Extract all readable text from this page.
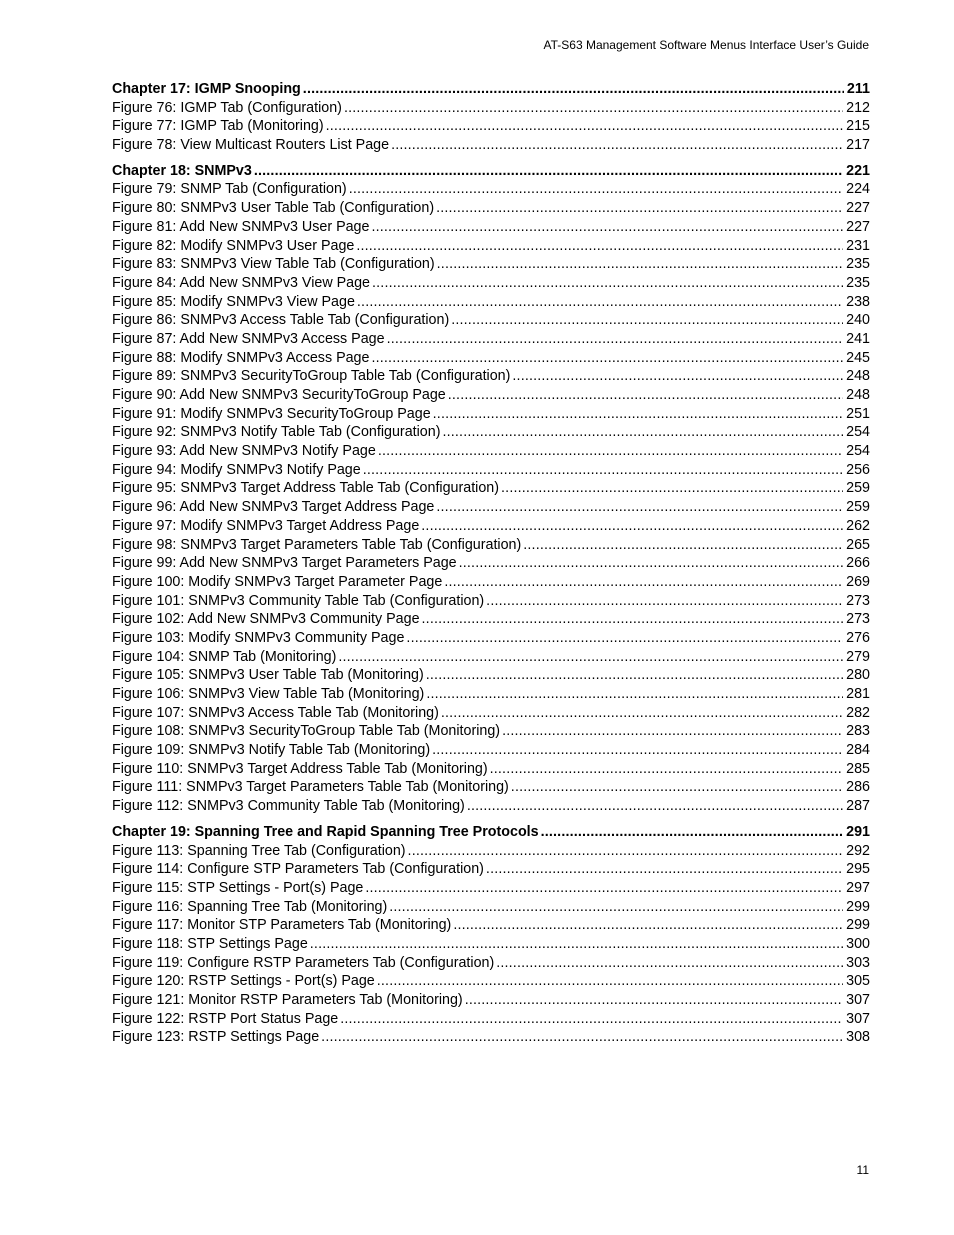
AT-S63 Management Software Menus Interface User’s Guide
Chapter 17: IGMP Snooping . . .	211
Figure 76: IGMP Tab (Configuration) . . .	212
Figure 77: IGMP Tab (Monitoring) . . .	215
Figure 78: View Multicast Routers List Page . . .	217
Chapter 18: SNMPv3 . . .	221
Figure 79: SNMP Tab (Configuration) . . .	224
Figure 80: SNMPv3 User Table Tab (Configuration) . . .	227
Figure 81: Add New SNMPv3 User Page . . .	227
Figure 82: Modify SNMPv3 User Page . . .	231
Figure 83: SNMPv3 View Table Tab (Configuration) . . .	235
Figure 84: Add New SNMPv3 View Page . . .	235
Figure 85: Modify SNMPv3 View Page . . .	238
Figure 86: SNMPv3 Access Table Tab (Configuration) . . .	240
Figure 87: Add New SNMPv3 Access Page . . .	241
Figure 88: Modify SNMPv3 Access Page . . .	245
Figure 89: SNMPv3 SecurityToGroup Table Tab (Configuration) . . .	248
Figure 90: Add New SNMPv3 SecurityToGroup Page . . .	248
Figure 91: Modify SNMPv3 SecurityToGroup Page . . .	251
Figure 92: SNMPv3 Notify Table Tab (Configuration) . . .	254
Figure 93: Add New SNMPv3 Notify Page . . .	254
Figure 94: Modify SNMPv3 Notify Page . . .	256
Figure 95: SNMPv3 Target Address Table Tab (Configuration) . . .	259
Figure 96: Add New SNMPv3 Target Address Page . . .	259
Figure 97: Modify SNMPv3 Target Address Page . . .	262
Figure 98: SNMPv3 Target Parameters Table Tab (Configuration) . . .	265
Figure 99: Add New SNMPv3 Target Parameters Page . . .	266
Figure 100: Modify SNMPv3 Target Parameter Page . . .	269
Figure 101: SNMPv3 Community Table Tab (Configuration) . . .	273
Figure 102: Add New SNMPv3 Community Page . . .	273
Figure 103: Modify SNMPv3 Community Page . . .	276
Figure 104: SNMP Tab (Monitoring) . . .	279
Figure 105: SNMPv3 User Table Tab (Monitoring) . . .	280
Figure 106: SNMPv3 View Table Tab (Monitoring) . . .	281
Figure 107: SNMPv3 Access Table Tab (Monitoring) . . .	282
Figure 108: SNMPv3 SecurityToGroup Table Tab (Monitoring) . . .	283
Figure 109: SNMPv3 Notify Table Tab (Monitoring) . . .	284
Figure 110: SNMPv3 Target Address Table Tab (Monitoring) . . .	285
Figure 111: SNMPv3 Target Parameters Table Tab (Monitoring) . . .	286
Figure 112: SNMPv3 Community Table Tab (Monitoring) . . .	287
Chapter 19: Spanning Tree and Rapid Spanning Tree Protocols . . .	291
Figure 113: Spanning Tree Tab (Configuration) . . .	292
Figure 114: Configure STP Parameters Tab (Configuration) . . .	295
Figure 115: STP Settings - Port(s) Page . . .	297
Figure 116: Spanning Tree Tab (Monitoring) . . .	299
Figure 117: Monitor STP Parameters Tab (Monitoring) . . .	299
Figure 118: STP Settings Page . . .	300
Figure 119: Configure RSTP Parameters Tab (Configuration) . . .	303
Figure 120: RSTP Settings - Port(s) Page . . .	305
Figure 121: Monitor RSTP Parameters Tab (Monitoring) . . .	307
Figure 122: RSTP Port Status Page . . .	307
Figure 123: RSTP Settings Page . . .	308
11
